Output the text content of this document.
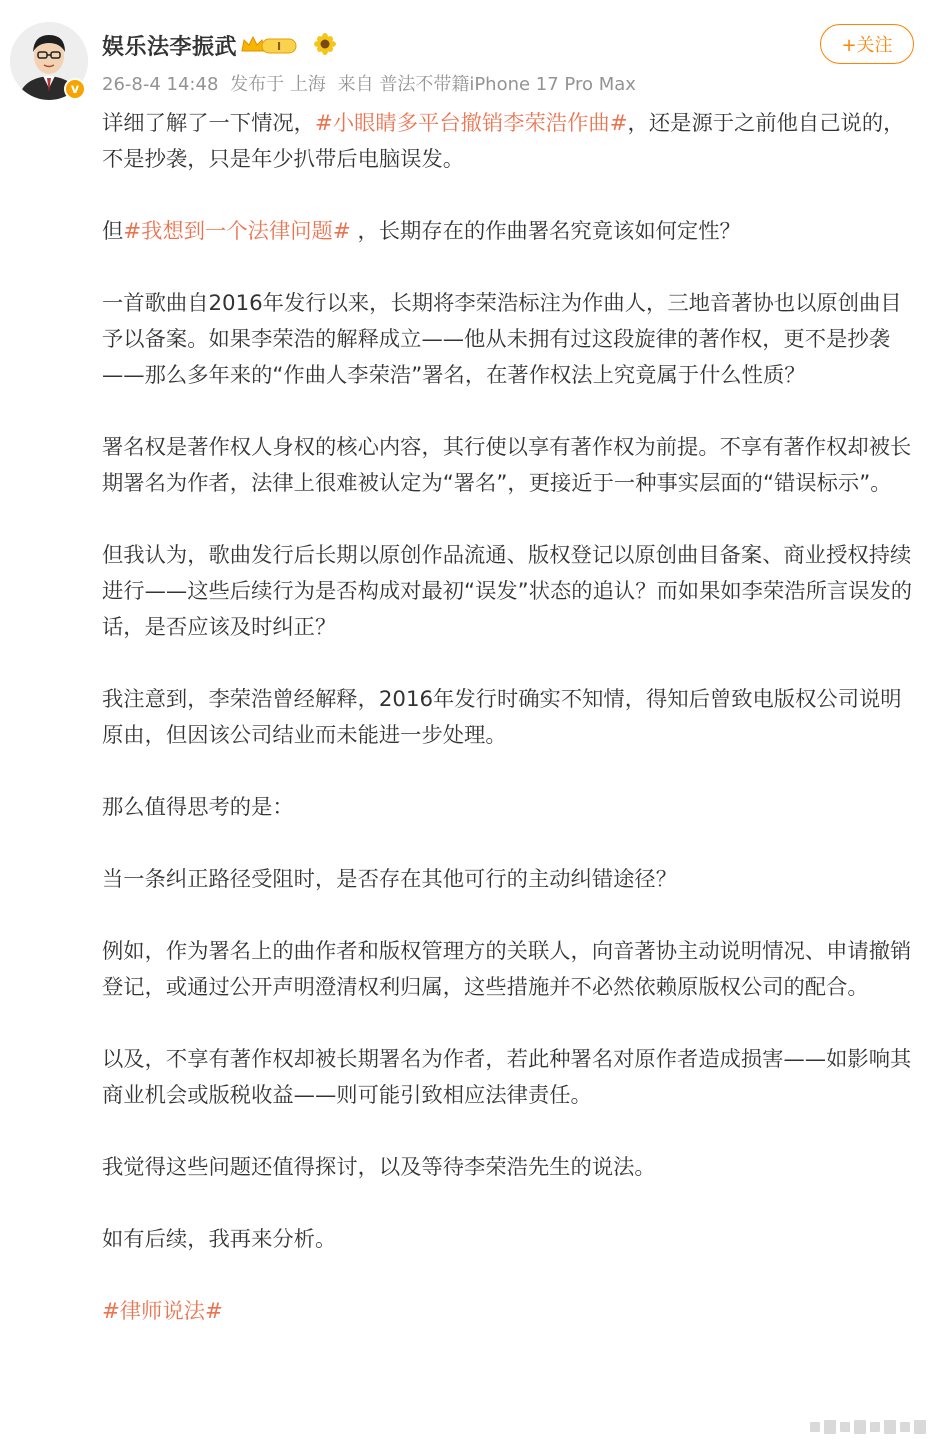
v
娱乐法李振武	I
26-8-4 14:48 发布于 上海 来自 普法不带籍iPhone 17 Pro Max
+关注

详细了解了一下情况，#小眼睛多平台撤销李荣浩作曲#，还是源于之前他自己说的，不是抄袭，只是年少扒带后电脑误发。

但#我想到一个法律问题# ，长期存在的作曲署名究竟该如何定性？

一首歌曲自2016年发行以来，长期将李荣浩标注为作曲人，三地音著协也以原创曲目予以备案。如果李荣浩的解释成立——他从未拥有过这段旋律的著作权，更不是抄袭——那么多年来的“作曲人李荣浩”署名，在著作权法上究竟属于什么性质？

署名权是著作权人身权的核心内容，其行使以享有著作权为前提。不享有著作权却被长期署名为作者，法律上很难被认定为“署名”，更接近于一种事实层面的“错误标示”。

但我认为，歌曲发行后长期以原创作品流通、版权登记以原创曲目备案、商业授权持续进行——这些后续行为是否构成对最初“误发”状态的追认？而如果如李荣浩所言误发的话，是否应该及时纠正？

我注意到，李荣浩曾经解释，2016年发行时确实不知情，得知后曾致电版权公司说明原由，但因该公司结业而未能进一步处理。

那么值得思考的是：

当一条纠正路径受阻时，是否存在其他可行的主动纠错途径？

例如，作为署名上的曲作者和版权管理方的关联人，向音著协主动说明情况、申请撤销登记，或通过公开声明澄清权利归属，这些措施并不必然依赖原版权公司的配合。

以及，不享有著作权却被长期署名为作者，若此种署名对原作者造成损害——如影响其商业机会或版税收益——则可能引致相应法律责任。

我觉得这些问题还值得探讨，以及等待李荣浩先生的说法。

如有后续，我再来分析。

#律师说法#
